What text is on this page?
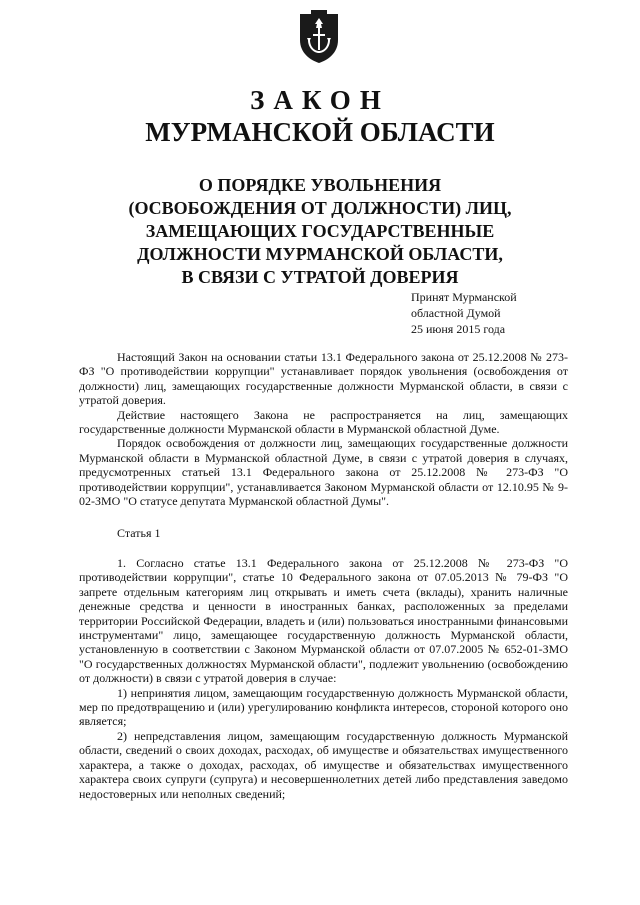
ЗАКОН
МУРМАНСКОЙ ОБЛАСТИ
О ПОРЯДКЕ УВОЛЬНЕНИЯ
(ОСВОБОЖДЕНИЯ ОТ ДОЛЖНОСТИ) ЛИЦ,
ЗАМЕЩАЮЩИХ ГОСУДАРСТВЕННЫЕ
ДОЛЖНОСТИ МУРМАНСКОЙ ОБЛАСТИ,
В СВЯЗИ С УТРАТОЙ ДОВЕРИЯ
Принят Мурманской
областной Думой
25 июня 2015 года

Настоящий Закон на основании статьи 13.1 Федерального закона от 25.12.2008 № 273-ФЗ "О противодействии коррупции" устанавливает порядок увольнения (освобождения от должности) лиц, замещающих государственные должности Мурманской области, в связи с утратой доверия.

Действие настоящего Закона не распространяется на лиц, замещающих государственные должности Мурманской области в Мурманской областной Думе.

Порядок освобождения от должности лиц, замещающих государственные должности Мурманской области в Мурманской областной Думе, в связи с утратой доверия в случаях, предусмотренных статьей 13.1 Федерального закона от 25.12.2008 № 273-ФЗ "О противодействии коррупции", устанавливается Законом Мурманской области от 12.10.95 № 9-02-ЗМО "О статусе депутата Мурманской областной Думы".

Статья 1

1. Согласно статье 13.1 Федерального закона от 25.12.2008 № 273-ФЗ "О противодействии коррупции", статье 10 Федерального закона от 07.05.2013 № 79-ФЗ "О запрете отдельным категориям лиц открывать и иметь счета (вклады), хранить наличные денежные средства и ценности в иностранных банках, расположенных за пределами территории Российской Федерации, владеть и (или) пользоваться иностранными финансовыми инструментами" лицо, замещающее государственную должность Мурманской области, установленную в соответствии с Законом Мурманской области от 07.07.2005 № 652-01-ЗМО "О государственных должностях Мурманской области", подлежит увольнению (освобождению от должности) в связи с утратой доверия в случае:

1) непринятия лицом, замещающим государственную должность Мурманской области, мер по предотвращению и (или) урегулированию конфликта интересов, стороной которого оно является;

2) непредставления лицом, замещающим государственную должность Мурманской области, сведений о своих доходах, расходах, об имуществе и обязательствах имущественного характера, а также о доходах, расходах, об имуществе и обязательствах имущественного характера своих супруги (супруга) и несовершеннолетних детей либо представления заведомо недостоверных или неполных сведений;
